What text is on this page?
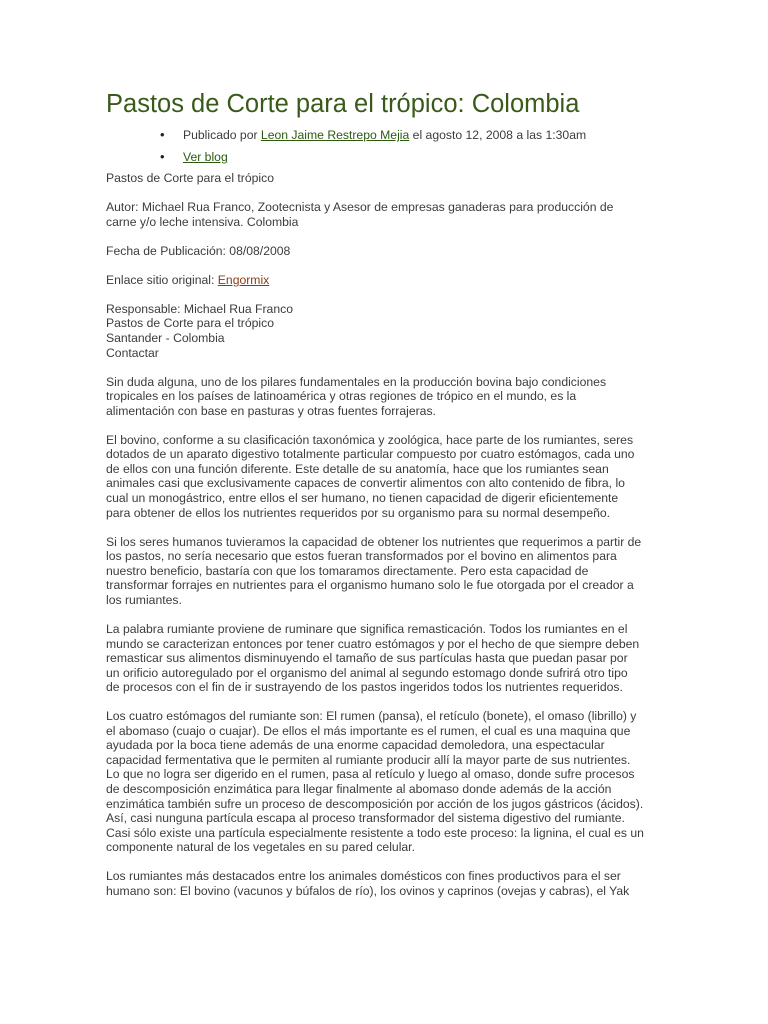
Pastos de Corte para el trópico: Colombia
• Publicado por Leon Jaime Restrepo Mejia el agosto 12, 2008 a las 1:30am
• Ver blog
Pastos de Corte para el trópico
Autor: Michael Rua Franco, Zootecnista y Asesor de empresas ganaderas para producción de
carne y/o leche intensiva. Colombia
Fecha de Publicación: 08/08/2008
Enlace sitio original: Engormix
Responsable: Michael Rua Franco
Pastos de Corte para el trópico
Santander - Colombia
Contactar
Sin duda alguna, uno de los pilares fundamentales en la producción bovina bajo condiciones
tropicales en los países de latinoamérica y otras regiones de trópico en el mundo, es la
alimentación con base en pasturas y otras fuentes forrajeras.
El bovino, conforme a su clasificación taxonómica y zoológica, hace parte de los rumiantes, seres
dotados de un aparato digestivo totalmente particular compuesto por cuatro estómagos, cada uno
de ellos con una función diferente. Este detalle de su anatomía, hace que los rumiantes sean
animales casi que exclusivamente capaces de convertir alimentos con alto contenido de fibra, lo
cual un monogástrico, entre ellos el ser humano, no tienen capacidad de digerir eficientemente
para obtener de ellos los nutrientes requeridos por su organismo para su normal desempeño.
Si los seres humanos tuvieramos la capacidad de obtener los nutrientes que requerimos a partir de
los pastos, no sería necesario que estos fueran transformados por el bovino en alimentos para
nuestro beneficio, bastaría con que los tomaramos directamente. Pero esta capacidad de
transformar forrajes en nutrientes para el organismo humano solo le fue otorgada por el creador a
los rumiantes.
La palabra rumiante proviene de ruminare que significa remasticación. Todos los rumiantes en el
mundo se caracterizan entonces por tener cuatro estómagos y por el hecho de que siempre deben
remasticar sus alimentos disminuyendo el tamaño de sus partículas hasta que puedan pasar por
un orificio autoregulado por el organismo del animal al segundo estomago donde sufrirá otro tipo
de procesos con el fin de ir sustrayendo de los pastos ingeridos todos los nutrientes requeridos.
Los cuatro estómagos del rumiante son: El rumen (pansa), el retículo (bonete), el omaso (librillo) y
el abomaso (cuajo o cuajar). De ellos el más importante es el rumen, el cual es una maquina que
ayudada por la boca tiene además de una enorme capacidad demoledora, una espectacular
capacidad fermentativa que le permiten al rumiante producir allí la mayor parte de sus nutrientes.
Lo que no logra ser digerido en el rumen, pasa al retículo y luego al omaso, donde sufre procesos
de descomposición enzimática para llegar finalmente al abomaso donde además de la acción
enzimática también sufre un proceso de descomposición por acción de los jugos gástricos (ácidos).
Así, casi nunguna partícula escapa al proceso transformador del sistema digestivo del rumiante.
Casi sólo existe una partícula especialmente resistente a todo este proceso: la lignina, el cual es un
componente natural de los vegetales en su pared celular.
Los rumiantes más destacados entre los animales domésticos con fines productivos para el ser
humano son: El bovino (vacunos y búfalos de río), los ovinos y caprinos (ovejas y cabras), el Yak
